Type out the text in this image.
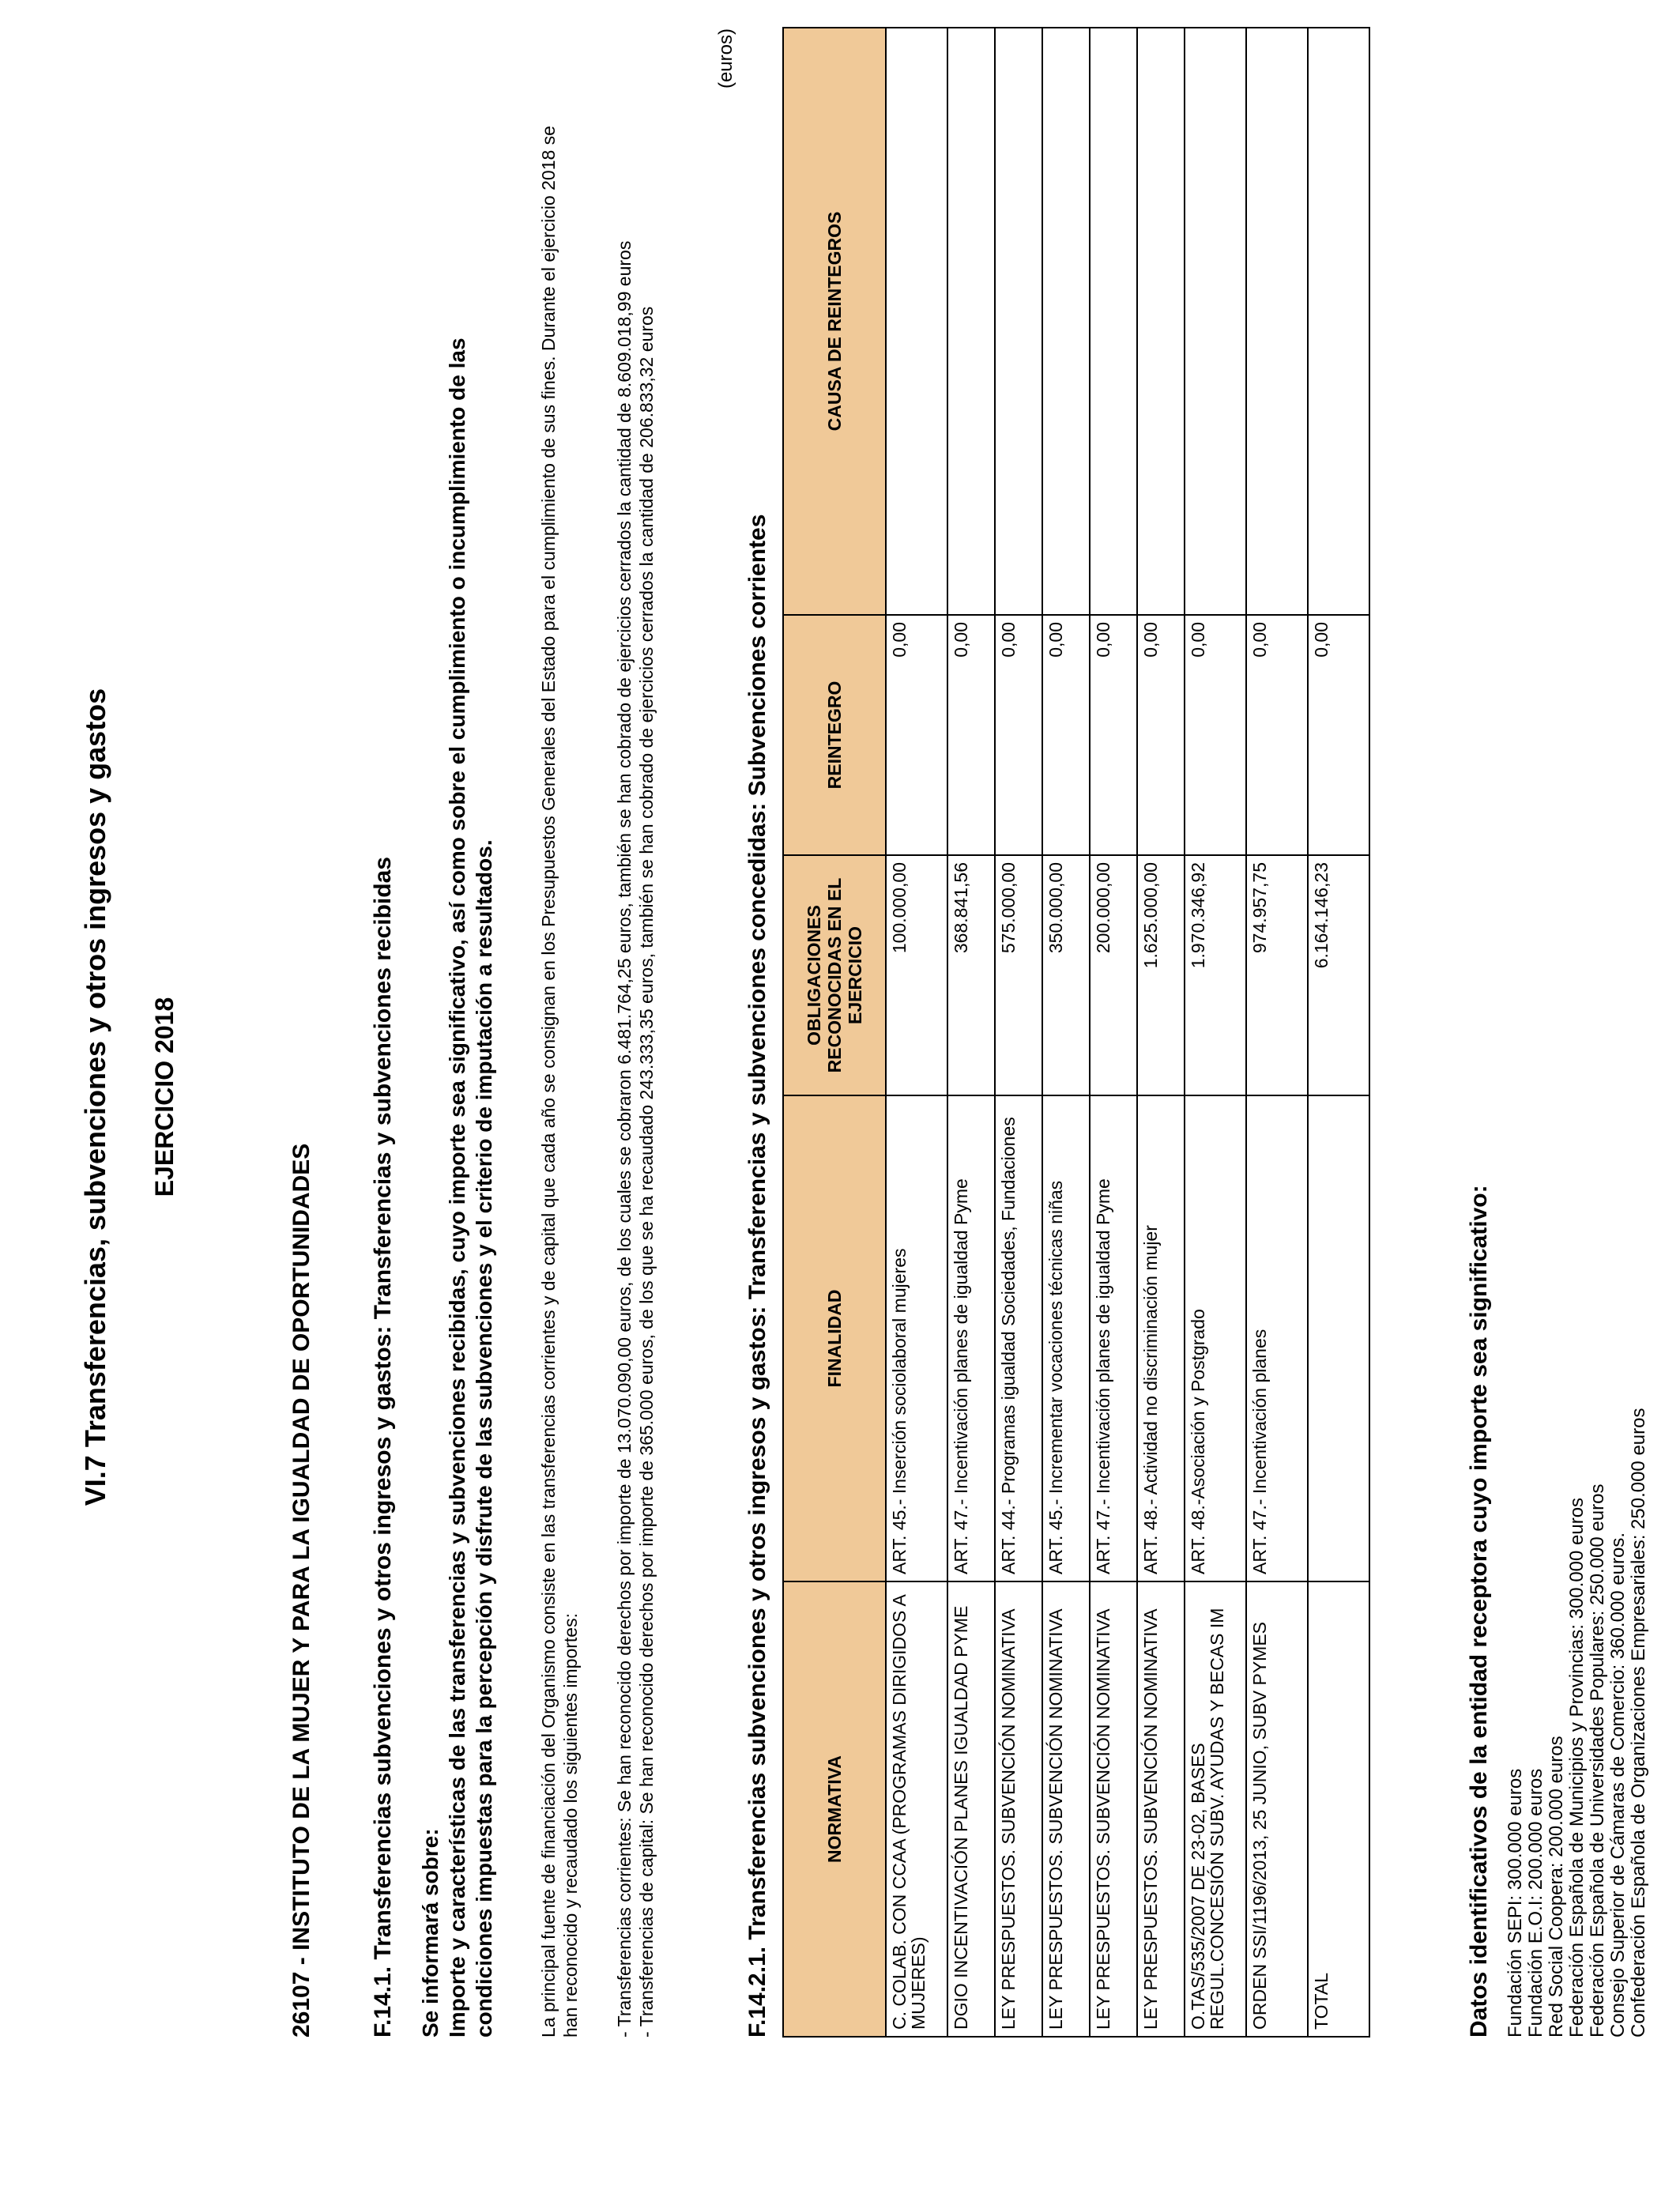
VI.7 Transferencias, subvenciones y otros ingresos y gastos EJERCICIO 2018
26107 - INSTITUTO DE LA MUJER Y PARA LA IGUALDAD DE OPORTUNIDADES F.14.1. Transferencias subvenciones y otros ingresos y gastos: Transferencias y subvenciones recibidas Se informará sobre: Importe y características de las transferencias y subvenciones recibidas, cuyo importe sea significativo, así como sobre el cumplimiento o incumplimiento de las condiciones impuestas para la percepción y disfrute de las subvenciones y el criterio de imputación a resultados. La principal fuente de financiación del Organismo consiste en las transferencias corrientes y de capital que cada año se consignan en los Presupuestos Generales del Estado para el cumplimiento de sus fines. Durante el ejercicio 2018 se han reconocido y recaudado los siguientes importes: - Transferencias corrientes: Se han reconocido derechos por importe de 13.070.090,00 euros, de los cuales se cobraron 6.481.764,25 euros, también se han cobrado de ejercicios cerrados la cantidad de 8.609.018,99 euros - Transferencias de capital: Se han reconocido derechos por importe de 365.000 euros, de los que se ha recaudado 243.333,35 euros, también se han cobrado de ejercicios cerrados la cantidad de 206.833,32 euros
(euros)
F.14.2.1. Transferencias subvenciones y otros ingresos y gastos: Transferencias y subvenciones concedidas: Subvenciones corrientes	NORMATIVA	FINALIDAD	OBLIGACIONES RECONOCIDAS EN EL EJERCICIO	REINTEGRO	CAUSA DE REINTEGROS
C. COLAB. CON CCAA (PROGRAMAS DIRIGIDOS A MUJERES)	ART. 45.- Inserción sociolaboral mujeres	100.000,00	0,00	
DGIO INCENTIVACIÓN PLANES IGUALDAD PYME	ART. 47.- Incentivación planes de igualdad Pyme	368.841,56	0,00	
LEY PRESPUESTOS. SUBVENCIÓN NOMINATIVA	ART. 44.- Programas igualdad Sociedades, Fundaciones	575.000,00	0,00	
LEY PRESPUESTOS. SUBVENCIÓN NOMINATIVA	ART. 45.- Incrementar vocaciones técnicas niñas	350.000,00	0,00	
LEY PRESPUESTOS. SUBVENCIÓN NOMINATIVA	ART. 47.- Incentivación planes de igualdad Pyme	200.000,00	0,00	
LEY PRESPUESTOS. SUBVENCIÓN NOMINATIVA	ART. 48.- Actividad no discriminación mujer	1.625.000,00	0,00	
O.TAS/535/2007 DE 23-02, BASES REGUL.CONCESIÓN SUBV. AYUDAS Y BECAS IM	ART. 48.-Asociación y Postgrado	1.970.346,92	0,00	
ORDEN SSI/1196/2013, 25 JUNIO, SUBV PYMES	ART. 47.- Incentivación planes	974.957,75	0,00	
TOTAL		6.164.146,23	0,00	
Datos identificativos de la entidad receptora cuyo importe sea significativo: Fundación SEPI: 300.000 euros Fundación E.O.I: 200.000 euros Red Social Coopera: 200.000 euros Federación Española de Municipios y Provincias: 300.000 euros Federación Española de Universidades Populares: 250.000 euros Consejo Superior de Cámaras de Comercio: 360.000 euros. Confederación Española de Organizaciones Empresariales: 250.000 euros
